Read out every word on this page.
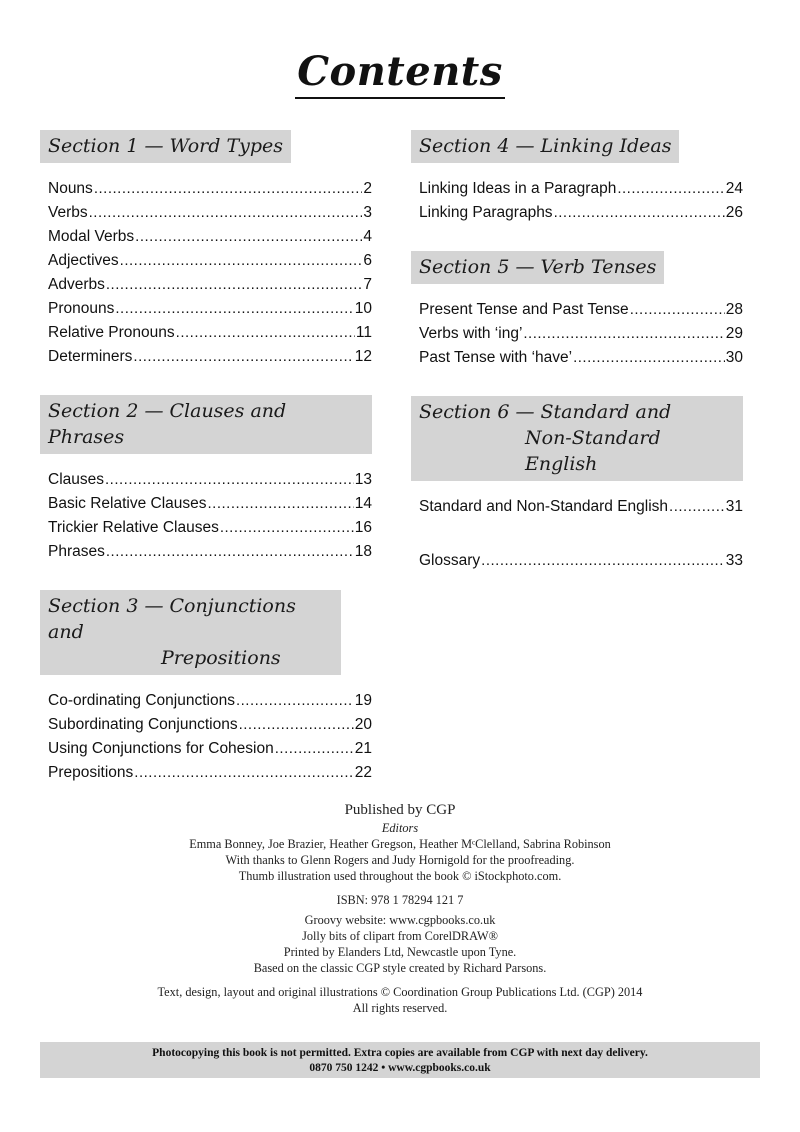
Contents
Section 1 — Word Types
Nouns .....	2
Verbs .....	3
Modal Verbs .....	4
Adjectives .....	6
Adverbs .....	7
Pronouns .....	10
Relative Pronouns .....	11
Determiners .....	12
Section 2 — Clauses and Phrases
Clauses .....	13
Basic Relative Clauses .....	14
Trickier Relative Clauses .....	16
Phrases .....	18
Section 3 — Conjunctions and
Prepositions
Co-ordinating Conjunctions .....	19
Subordinating Conjunctions .....	20
Using Conjunctions for Cohesion .....	21
Prepositions .....	22
Section 4 — Linking Ideas
Linking Ideas in a Paragraph .....	24
Linking Paragraphs .....	26
Section 5 — Verb Tenses
Present Tense and Past Tense .....	28
Verbs with ‘ing’ .....	29
Past Tense with ‘have’ .....	30
Section 6 — Standard and
Non-Standard English
Standard and Non-Standard English .....	31
Glossary .....	33
Published by CGP
Editors
Emma Bonney, Joe Brazier, Heather Gregson, Heather MᶜClelland, Sabrina Robinson
With thanks to Glenn Rogers and Judy Hornigold for the proofreading.
Thumb illustration used throughout the book © iStockphoto.com.
ISBN: 978 1 78294 121 7
Groovy website: www.cgpbooks.co.uk
Jolly bits of clipart from CorelDRAW®
Printed by Elanders Ltd, Newcastle upon Tyne.
Based on the classic CGP style created by Richard Parsons.
Text, design, layout and original illustrations © Coordination Group Publications Ltd. (CGP) 2014
All rights reserved.
Photocopying this book is not permitted. Extra copies are available from CGP with next day delivery.
0870 750 1242 • www.cgpbooks.co.uk
